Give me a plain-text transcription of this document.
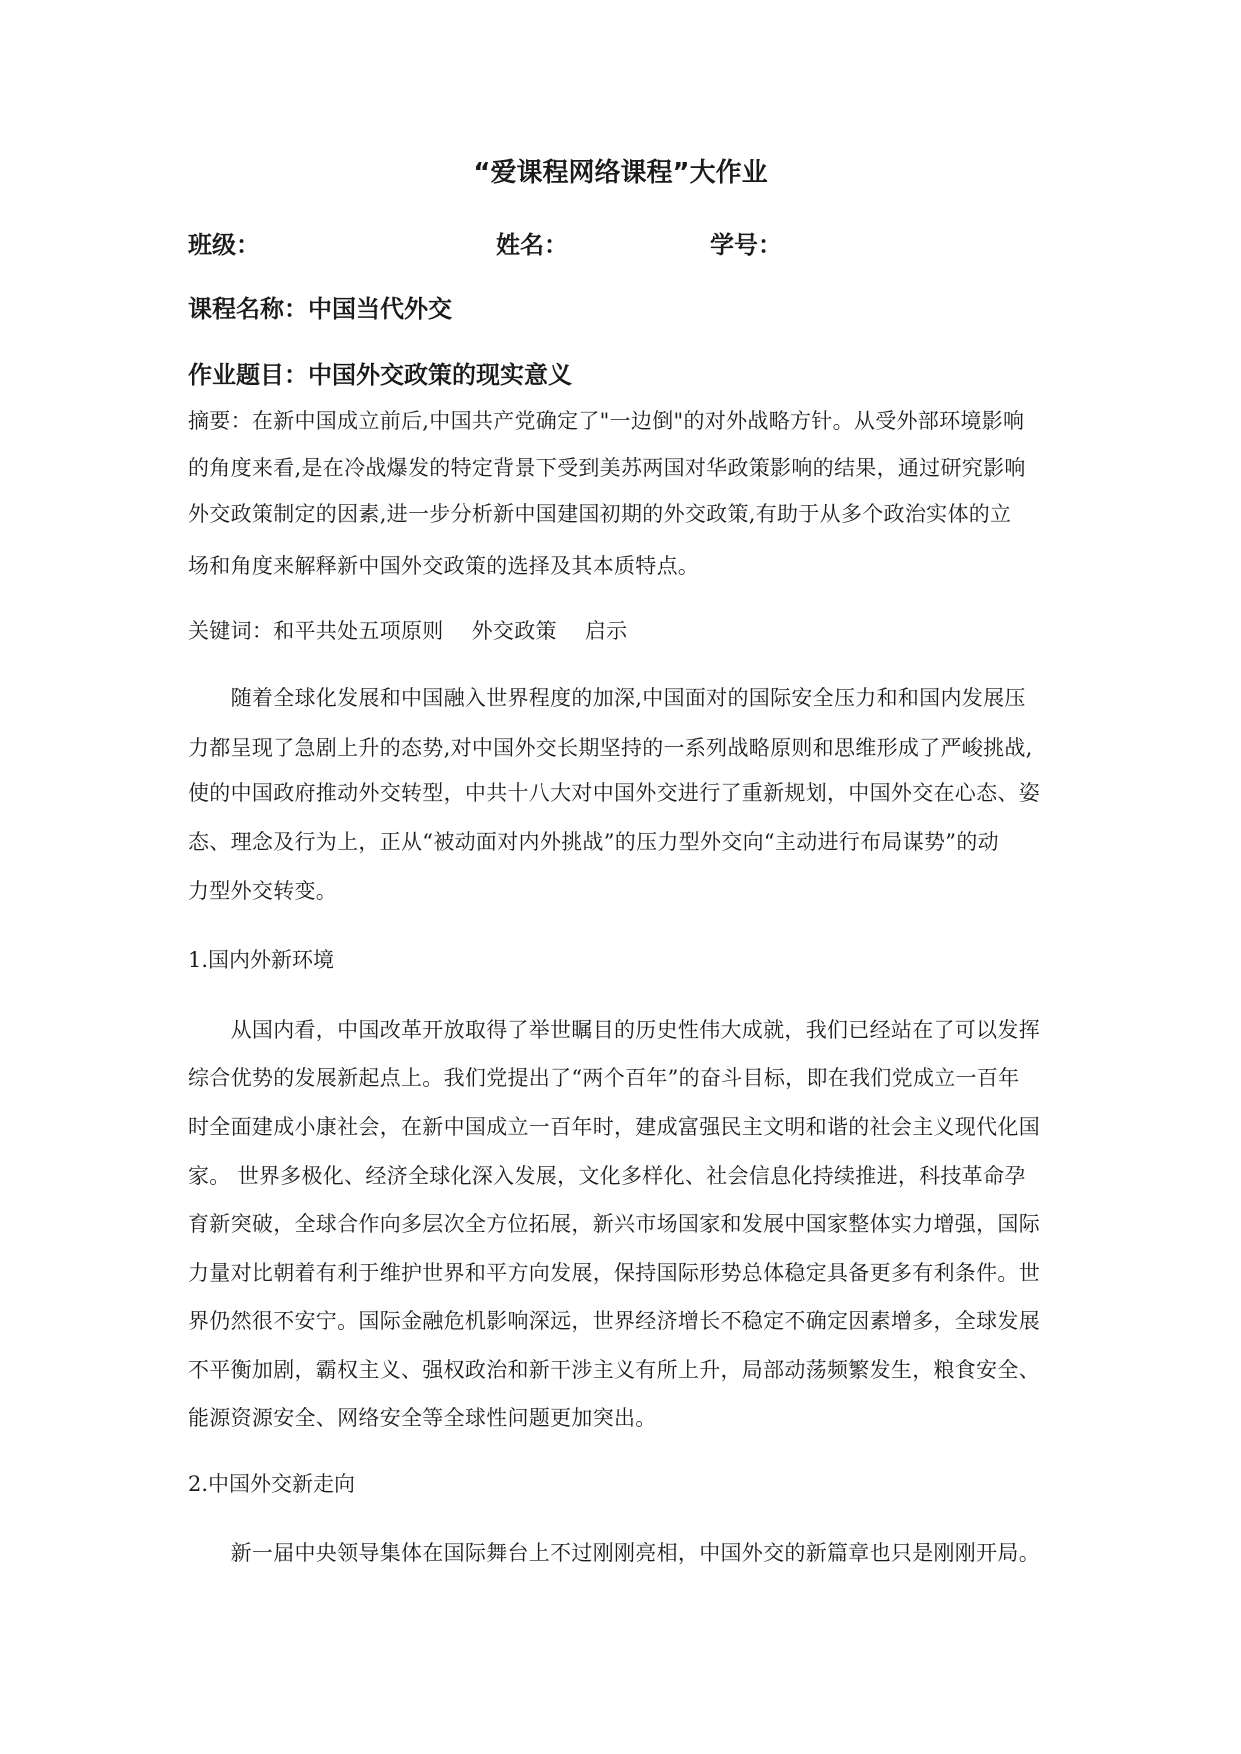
“爱课程网络课程”大作业
班级：	姓名：	学号：
课程名称：中国当代外交
作业题目：中国外交政策的现实意义
摘要：在新中国成立前后,中国共产党确定了"一边倒"的对外战略方针。从受外部环境影响
的角度来看,是在冷战爆发的特定背景下受到美苏两国对华政策影响的结果，通过研究影响
外交政策制定的因素,进一步分析新中国建国初期的外交政策,有助于从多个政治实体的立
场和角度来解释新中国外交政策的选择及其本质特点。
关键词：和平共处五项原则 外交政策 启示
　　随着全球化发展和中国融入世界程度的加深,中国面对的国际安全压力和和国内发展压
力都呈现了急剧上升的态势,对中国外交长期坚持的一系列战略原则和思维形成了严峻挑战,
使的中国政府推动外交转型，中共十八大对中国外交进行了重新规划，中国外交在心态、姿
态、理念及行为上，正从“被动面对内外挑战”的压力型外交向“主动进行布局谋势”的动
力型外交转变。
1.国内外新环境
　　从国内看，中国改革开放取得了举世瞩目的历史性伟大成就，我们已经站在了可以发挥
综合优势的发展新起点上。我们党提出了“两个百年”的奋斗目标，即在我们党成立一百年
时全面建成小康社会，在新中国成立一百年时，建成富强民主文明和谐的社会主义现代化国
家。 世界多极化、经济全球化深入发展，文化多样化、社会信息化持续推进，科技革命孕
育新突破，全球合作向多层次全方位拓展，新兴市场国家和发展中国家整体实力增强，国际
力量对比朝着有利于维护世界和平方向发展，保持国际形势总体稳定具备更多有利条件。世
界仍然很不安宁。国际金融危机影响深远，世界经济增长不稳定不确定因素增多，全球发展
不平衡加剧，霸权主义、强权政治和新干涉主义有所上升，局部动荡频繁发生，粮食安全、
能源资源安全、网络安全等全球性问题更加突出。
2.中国外交新走向
　　新一届中央领导集体在国际舞台上不过刚刚亮相，中国外交的新篇章也只是刚刚开局。
